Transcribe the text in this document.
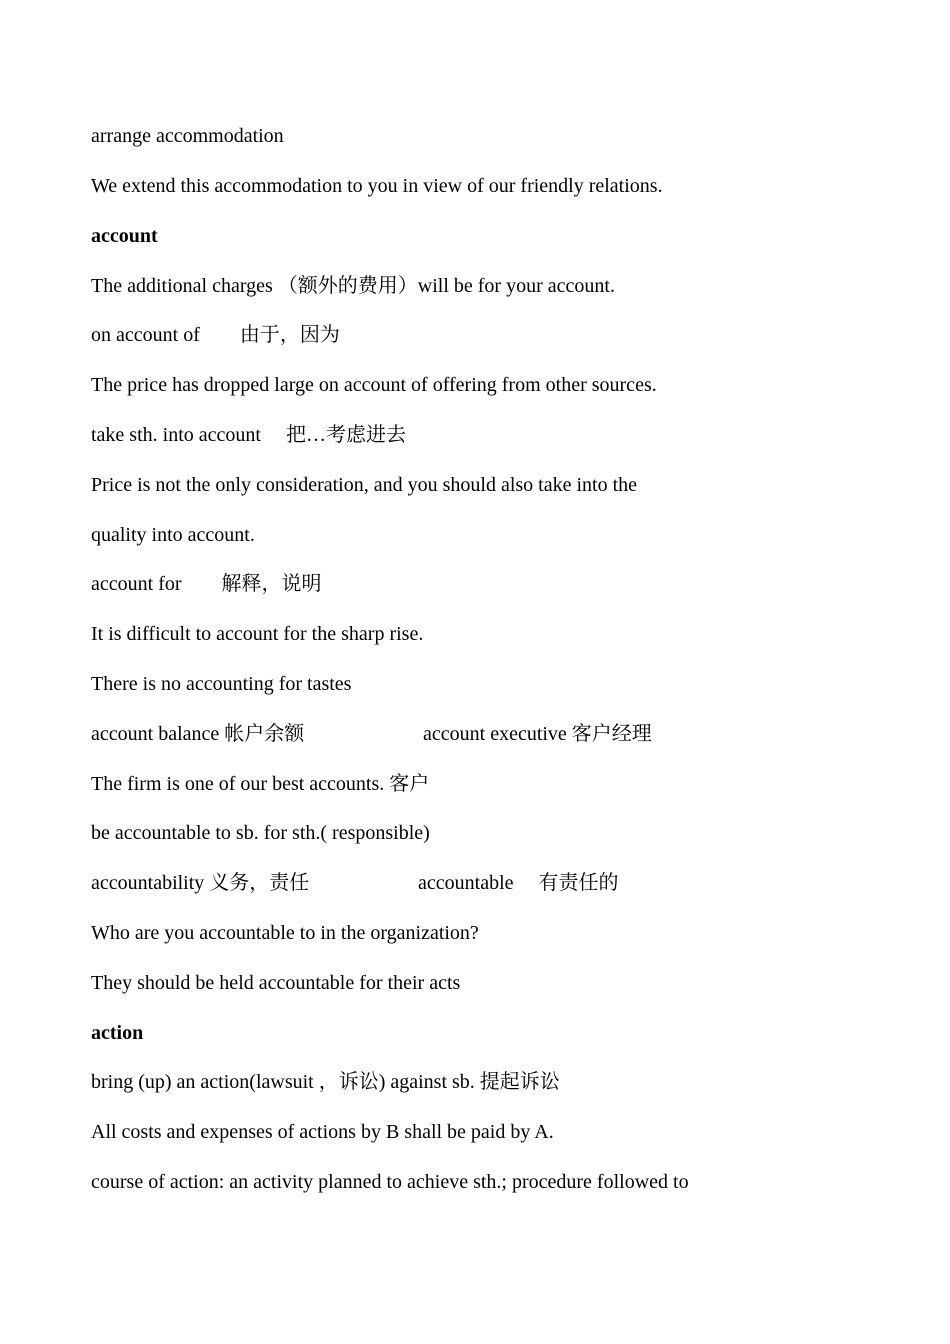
arrange accommodation
We extend this accommodation to you in view of our friendly relations.
account
The additional charges （额外的费用）will be for your account.
on account of　　由于，因为
The price has dropped large on account of offering from other sources.
take sth. into account　 把…考虑进去
Price is not the only consideration, and you should also take into the
quality into account.
account for　　解释，说明
It is difficult to account for the sharp rise.
There is no accounting for tastes
account balance 帐户余额	account executive 客户经理
The firm is one of our best accounts. 客户
be accountable to sb. for sth.( responsible)
accountability 义务，责任	accountable　 有责任的
Who are you accountable to in the organization?
They should be held accountable for their acts
action
bring (up) an action(lawsuit ，诉讼) against sb. 提起诉讼
All costs and expenses of actions by B shall be paid by A.
course of action: an activity planned to achieve sth.; procedure followed to
